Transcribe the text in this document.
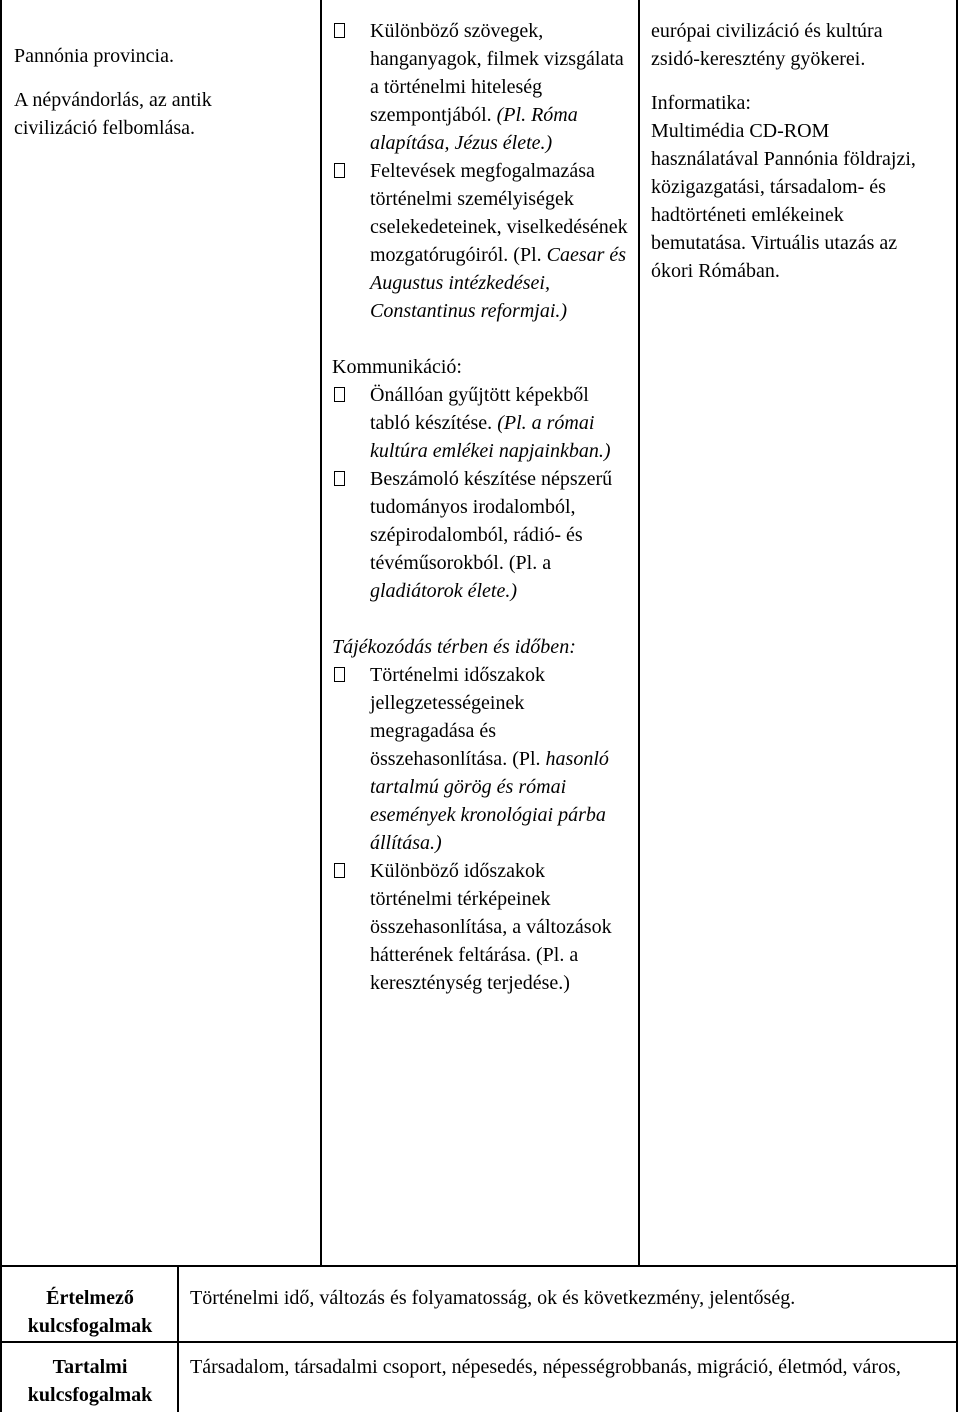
Pannónia provincia.

A népvándorlás, az antik civilizáció felbomlása.

Különböző szövegek, hanganyagok, filmek vizsgálata a történelmi hiteleség szempontjából. (Pl. Róma alapítása, Jézus élete.)
Feltevések megfogalmazása történelmi személyiségek cselekedeteinek, viselkedésének mozgatórugóiról. (Pl. Caesar és Augustus intézkedései, Constantinus reformjai.)

Kommunikáció:

Önállóan gyűjtött képekből tabló készítése. (Pl. a római kultúra emlékei napjainkban.)
Beszámoló készítése népszerű tudományos irodalomból, szépirodalomból, rádió- és tévéműsorokból. (Pl. a gladiátorok élete.)

Tájékozódás térben és időben:

Történelmi időszakok jellegzetességeinek megragadása és összehasonlítása. (Pl. hasonló tartalmú görög és római események kronológiai párba állítása.)
Különböző időszakok történelmi térképeinek összehasonlítása, a változások hátterének feltárása. (Pl. a kereszténység terjedése.)

európai civilizáció és kultúra zsidó-keresztény gyökerei.

Informatika:

Multimédia CD-ROM használatával Pannónia földrajzi, közigazgatási, társadalom- és hadtörténeti emlékeinek bemutatása. Virtuális utazás az ókori Rómában.

Értelmező kulcsfogalmak
Történelmi idő, változás és folyamatosság, ok és következmény, jelentőség.
Tartalmi kulcsfogalmak
Társadalom, társadalmi csoport, népesedés, népességrobbanás, migráció, életmód, város,
